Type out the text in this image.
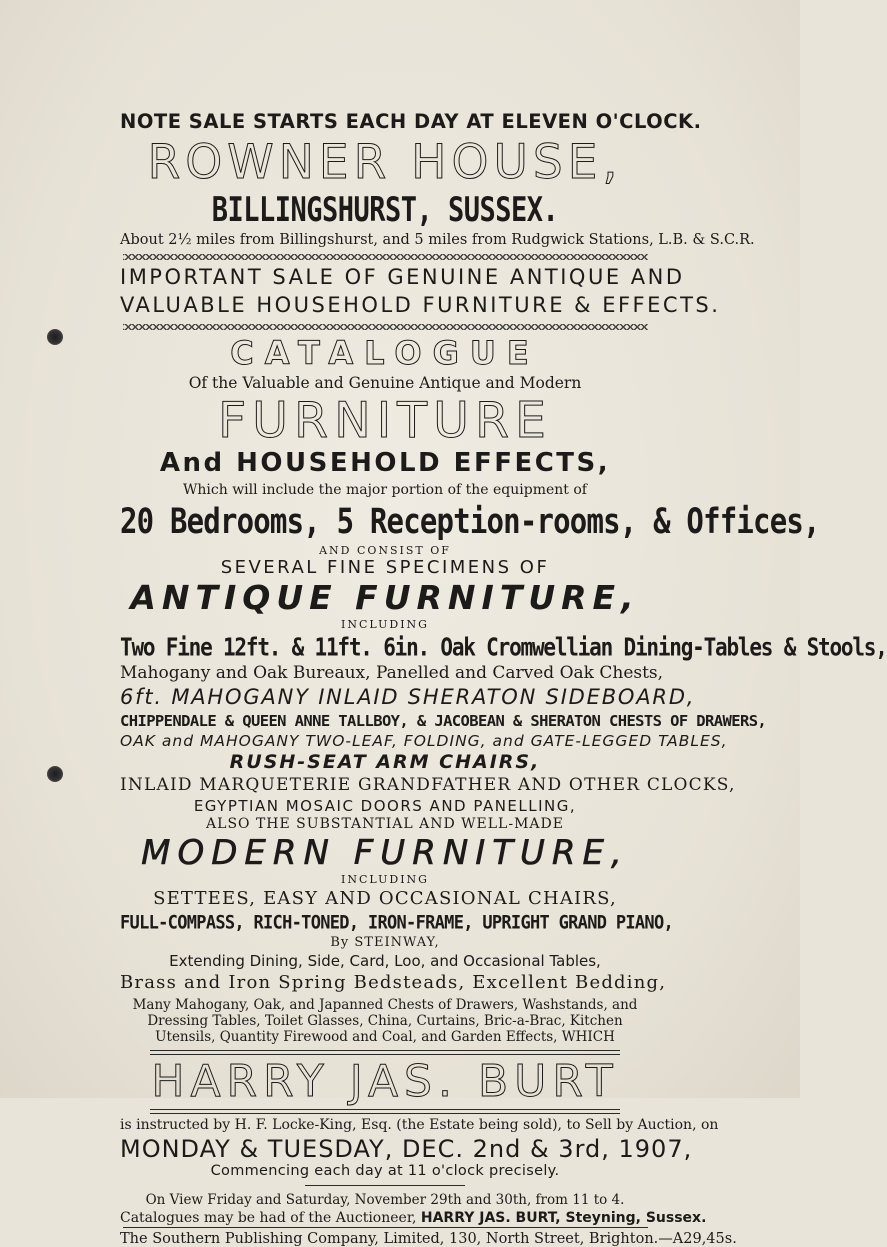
NOTE SALE STARTS EACH DAY AT ELEVEN O'CLOCK.
ROWNER HOUSE,
BILLINGSHURST, SUSSEX.
About 2½ miles from Billingshurst, and 5 miles from Rudgwick Stations, L.B. & S.C.R.
IMPORTANT SALE OF GENUINE ANTIQUE AND
VALUABLE HOUSEHOLD FURNITURE & EFFECTS.
CATALOGUE
Of the Valuable and Genuine Antique and Modern
FURNITURE
And HOUSEHOLD EFFECTS,
Which will include the major portion of the equipment of
20 Bedrooms, 5 Reception-rooms, & Offices,
AND CONSIST OF
SEVERAL FINE SPECIMENS OF
ANTIQUE FURNITURE,
INCLUDING
Two Fine 12ft. & 11ft. 6in. Oak Cromwellian Dining-Tables & Stools,
Mahogany and Oak Bureaux, Panelled and Carved Oak Chests,
6ft. MAHOGANY INLAID SHERATON SIDEBOARD,
CHIPPENDALE & QUEEN ANNE TALLBOY, & JACOBEAN & SHERATON CHESTS OF DRAWERS,
OAK and MAHOGANY TWO-LEAF, FOLDING, and GATE-LEGGED TABLES,
RUSH-SEAT ARM CHAIRS,
INLAID MARQUETERIE GRANDFATHER AND OTHER CLOCKS,
EGYPTIAN MOSAIC DOORS AND PANELLING,
ALSO THE SUBSTANTIAL AND WELL-MADE
MODERN FURNITURE,
INCLUDING
SETTEES, EASY AND OCCASIONAL CHAIRS,
FULL-COMPASS, RICH-TONED, IRON-FRAME, UPRIGHT GRAND PIANO,
By STEINWAY,
Extending Dining, Side, Card, Loo, and Occasional Tables,
Brass and Iron Spring Bedsteads, Excellent Bedding,
Many Mahogany, Oak, and Japanned Chests of Drawers, Washstands, and Dressing Tables, Toilet Glasses, China, Curtains, Bric-a-Brac, Kitchen Utensils, Quantity Firewood and Coal, and Garden Effects, WHICH
HARRY JAS. BURT
is instructed by H. F. Locke-King, Esq. (the Estate being sold), to Sell by Auction, on
MONDAY & TUESDAY, DEC. 2nd & 3rd, 1907,
Commencing each day at 11 o'clock precisely.
On View Friday and Saturday, November 29th and 30th, from 11 to 4.
Catalogues may be had of the Auctioneer, HARRY JAS. BURT, Steyning, Sussex.
The Southern Publishing Company, Limited, 130, North Street, Brighton.—A29,45s.
